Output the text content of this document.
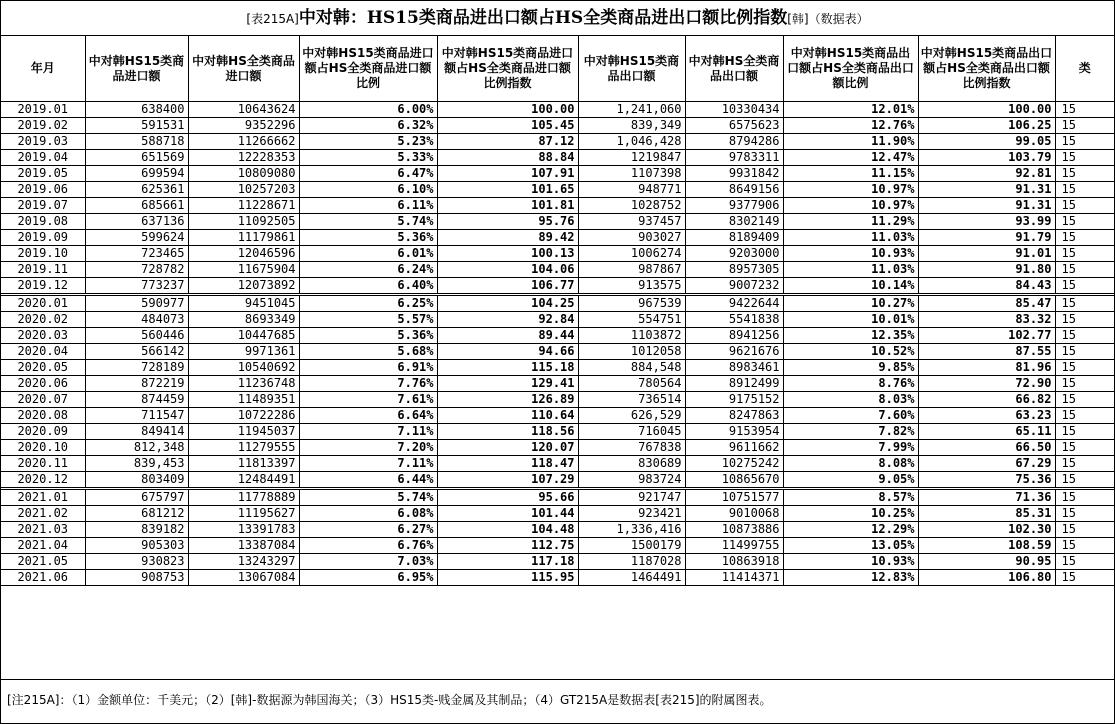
[表215A]中对韩：HS15类商品进出口额占HS全类商品进出口额比例指数[韩]（数据表）
年月	中对韩HS15类商品进口额	中对韩HS全类商品进口额	中对韩HS15类商品进口额占HS全类商品进口额比例	中对韩HS15类商品进口额占HS全类商品进口额比例指数	中对韩HS15类商品出口额	中对韩HS全类商品出口额	中对韩HS15类商品出口额占HS全类商品出口额比例	中对韩HS15类商品出口额占HS全类商品出口额比例指数	类
2019.01	638400	10643624	6.00%	100.00	1,241,060	10330434	12.01%	100.00	15
2019.02	591531	9352296	6.32%	105.45	839,349	6575623	12.76%	106.25	15
2019.03	588718	11266662	5.23%	87.12	1,046,428	8794286	11.90%	99.05	15
2019.04	651569	12228353	5.33%	88.84	1219847	9783311	12.47%	103.79	15
2019.05	699594	10809080	6.47%	107.91	1107398	9931842	11.15%	92.81	15
2019.06	625361	10257203	6.10%	101.65	948771	8649156	10.97%	91.31	15
2019.07	685661	11228671	6.11%	101.81	1028752	9377906	10.97%	91.31	15
2019.08	637136	11092505	5.74%	95.76	937457	8302149	11.29%	93.99	15
2019.09	599624	11179861	5.36%	89.42	903027	8189409	11.03%	91.79	15
2019.10	723465	12046596	6.01%	100.13	1006274	9203000	10.93%	91.01	15
2019.11	728782	11675904	6.24%	104.06	987867	8957305	11.03%	91.80	15
2019.12	773237	12073892	6.40%	106.77	913575	9007232	10.14%	84.43	15
2020.01	590977	9451045	6.25%	104.25	967539	9422644	10.27%	85.47	15
2020.02	484073	8693349	5.57%	92.84	554751	5541838	10.01%	83.32	15
2020.03	560446	10447685	5.36%	89.44	1103872	8941256	12.35%	102.77	15
2020.04	566142	9971361	5.68%	94.66	1012058	9621676	10.52%	87.55	15
2020.05	728189	10540692	6.91%	115.18	884,548	8983461	9.85%	81.96	15
2020.06	872219	11236748	7.76%	129.41	780564	8912499	8.76%	72.90	15
2020.07	874459	11489351	7.61%	126.89	736514	9175152	8.03%	66.82	15
2020.08	711547	10722286	6.64%	110.64	626,529	8247863	7.60%	63.23	15
2020.09	849414	11945037	7.11%	118.56	716045	9153954	7.82%	65.11	15
2020.10	812,348	11279555	7.20%	120.07	767838	9611662	7.99%	66.50	15
2020.11	839,453	11813397	7.11%	118.47	830689	10275242	8.08%	67.29	15
2020.12	803409	12484491	6.44%	107.29	983724	10865670	9.05%	75.36	15
2021.01	675797	11778889	5.74%	95.66	921747	10751577	8.57%	71.36	15
2021.02	681212	11195627	6.08%	101.44	923421	9010068	10.25%	85.31	15
2021.03	839182	13391783	6.27%	104.48	1,336,416	10873886	12.29%	102.30	15
2021.04	905303	13387084	6.76%	112.75	1500179	11499755	13.05%	108.59	15
2021.05	930823	13243297	7.03%	117.18	1187028	10863918	10.93%	90.95	15
2021.06	908753	13067084	6.95%	115.95	1464491	11414371	12.83%	106.80	15
[注215A]：（1）金额单位：千美元；（2）[韩]-数据源为韩国海关；（3）HS15类-贱金属及其制品；（4）GT215A是数据表[表215]的附属图表。
